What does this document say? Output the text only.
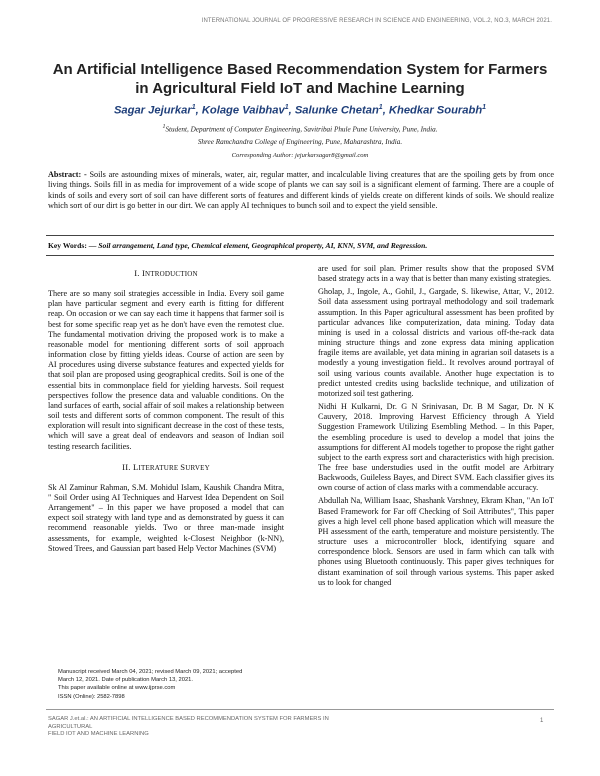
INTERNATIONAL JOURNAL OF PROGRESSIVE RESEARCH IN SCIENCE AND ENGINEERING, VOL.2, NO.3, MARCH 2021.
An Artificial Intelligence Based Recommendation System for Farmers in Agricultural Field IoT and Machine Learning
Sagar Jejurkar$^1$, Kolage Vaibhav$^1$, Salunke Chetan$^1$, Khedkar Sourabh$^1$
$^1$Student, Department of Computer Engineering, Savitribai Phule Pune University, Pune, India.
Shree Ramchandra College of Engineering, Pune, Maharashtra, India.
Corresponding Author: jejurkarsagar8@gmail.com
Abstract: - Soils are astounding mixes of minerals, water, air, regular matter, and incalculable living creatures that are the spoiling gets by from once living things. Soils fill in as media for improvement of a wide scope of plants we can say soil is a significant element of farming. There are a couple of kinds of soils and every sort of soil can have different sorts of features and different kinds of yields create on different kinds of soils. We should realize which sort of our dirt is go better in our dirt. We can apply AI techniques to bunch soil and to expect the yield sensible.
Key Words: — Soil arrangement, Land type, Chemical element, Geographical property, AI, KNN, SVM, and Regression.
I. INTRODUCTION

There are so many soil strategies accessible in India. Every soil game plan have particular segment and every earth is fitting for different reap. On occasion or we can say each time it happens that farmer soil is best for some specific reap yet as he don't have even the remotest clue. The fundamental motivation driving the proposed work is to make a reasonable model for mentioning different sorts of soil approach information close by fitting yields ideas. Course of action are seen by AI procedures using diverse substance features and expected yields for that soil plan are proposed using geographical credits. Soil is one of the essential bits in commonplace field for yielding harvests. Soil request perspectives follow the presence data and valuable conditions. On the land surfaces of earth, social affair of soil makes a relationship between soil tests and different sorts of common component. The result of this exploration will result into significant decrease in the cost of these tests, which will save a great deal of endeavors and season of Indian soil testing research facilities.

II. LITERATURE SURVEY

Sk Al Zaminur Rahman, S.M. Mohidul Islam, Kaushik Chandra Mitra, " Soil Order using AI Techniques and Harvest Idea Dependent on Soil Arrangement" – In this paper we have proposed a model that can expect soil strategy with land type and as demonstrated by guess it can recommend reasonable yields. Two or three man-made insight assessments, for example, weighted k-Closest Neighbor (k-NN), Stowed Trees, and Gaussian part based Help Vector Machines (SVM)

are used for soil plan. Primer results show that the proposed SVM based strategy acts in a way that is better than many existing strategies.

Gholap, J., Ingole, A., Gohil, J., Gargade, S. likewise, Attar, V., 2012. Soil data assessment using portrayal methodology and soil trademark assumption. In this Paper agricultural assessment has been profited by particular advances like computerization, data mining. Today data mining is used in a colossal districts and various off-the-rack data mining structure things and zone express data mining application fragile items are available, yet data mining in agrarian soil datasets is a modestly a young investigation field.. It revolves around portrayal of soil using various counts available. Another huge expectation is to predict untested credits using backslide technique, and utilization of motorized soil test gathering.

Nidhi H Kulkarni, Dr. G N Srinivasan, Dr. B M Sagar, Dr. N K Cauvery, 2018. Improving Harvest Efficiency through A Yield Suggestion Framework Utilizing Esembling Method. – In this Paper, the esembling procedure is used to develop a model that joins the assumptions for different AI models together to propose the right gather subject to the earth express sort and characteristics with high precision. The free base understudies used in the outfit model are Arbitrary Backwoods, Guileless Bayes, and Direct SVM. Each classifier gives its own course of action of class marks with a commendable accuracy.

Abdullah Na, William Isaac, Shashank Varshney, Ekram Khan, "An IoT Based Framework for Far off Checking of Soil Attributes", This paper gives a high level cell phone based application which will measure the PH assessment of the earth, temperature and moisture persistently. The structure uses a microcontroller block, identifying square and correspondence block. Sensors are used in farm which can talk with phones using Bluetooth continuously. This paper gives techniques for distant examination of soil through various systems. This paper asked us to look for changed

Manuscript received March 04, 2021; revised March 09, 2021; accepted
March 12, 2021. Date of publication March 13, 2021.
This paper available online at www.ijprse.com
ISSN (Online): 2582-7898
SAGAR J.et.al.: AN ARTIFICIAL INTELLIGENCE BASED RECOMMENDATION SYSTEM FOR FARMERS IN AGRICULTURAL
FIELD IOT AND MACHINE LEARNING
1
